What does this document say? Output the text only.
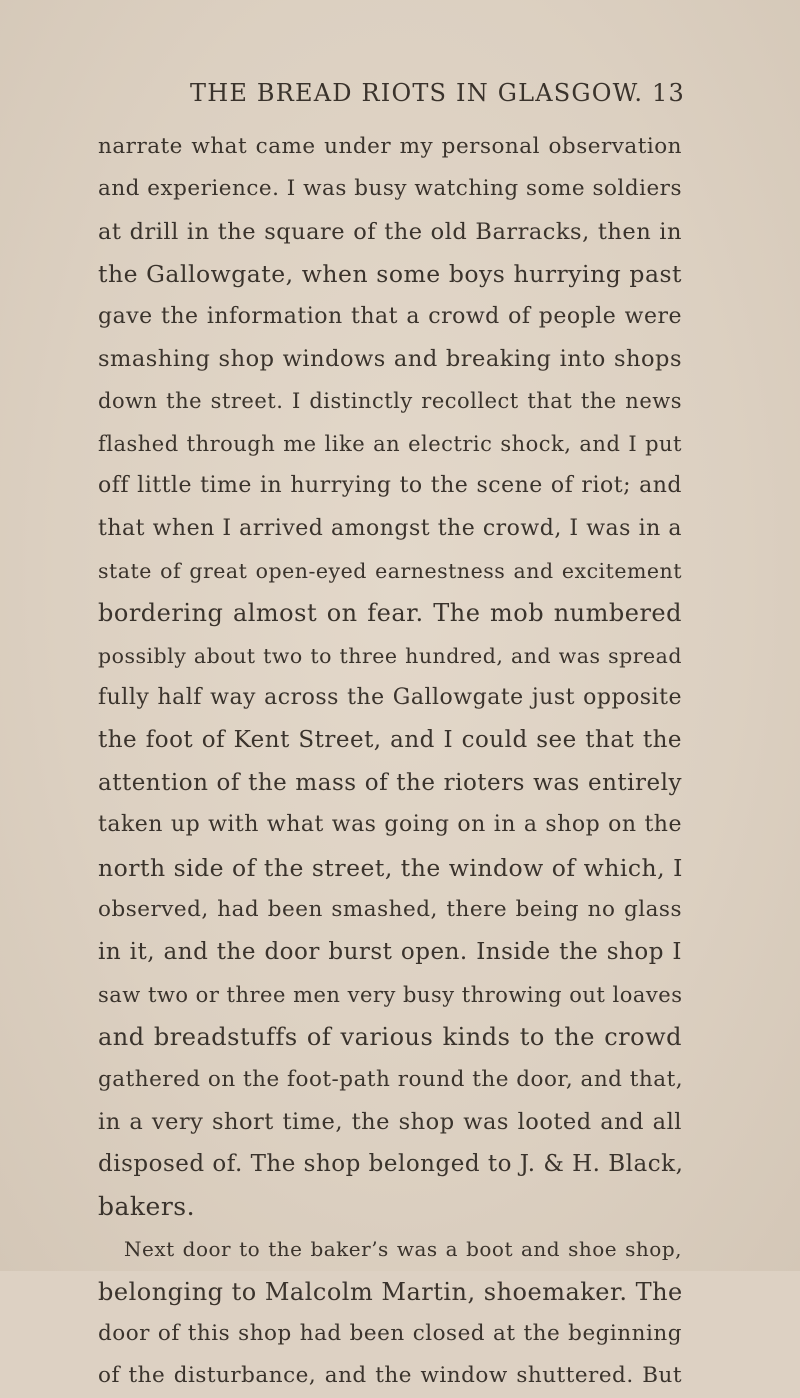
THE BREAD RIOTS IN GLASGOW. 13
narrate what came under my personal observation
and experience. I was busy watching some soldiers
at drill in the square of the old Barracks, then in
the Gallowgate, when some boys hurrying past
gave the information that a crowd of people were
smashing shop windows and breaking into shops
down the street. I distinctly recollect that the news
flashed through me like an electric shock, and I put
off little time in hurrying to the scene of riot; and
that when I arrived amongst the crowd, I was in a
state of great open-eyed earnestness and excitement
bordering almost on fear. The mob numbered
possibly about two to three hundred, and was spread
fully half way across the Gallowgate just opposite
the foot of Kent Street, and I could see that the
attention of the mass of the rioters was entirely
taken up with what was going on in a shop on the
north side of the street, the window of which, I
observed, had been smashed, there being no glass
in it, and the door burst open. Inside the shop I
saw two or three men very busy throwing out loaves
and breadstuffs of various kinds to the crowd
gathered on the foot-path round the door, and that,
in a very short time, the shop was looted and all
disposed of. The shop belonged to J. & H. Black,
bakers.
Next door to the baker’s was a boot and shoe shop,
belonging to Malcolm Martin, shoemaker. The
door of this shop had been closed at the beginning
of the disturbance, and the window shuttered. But
